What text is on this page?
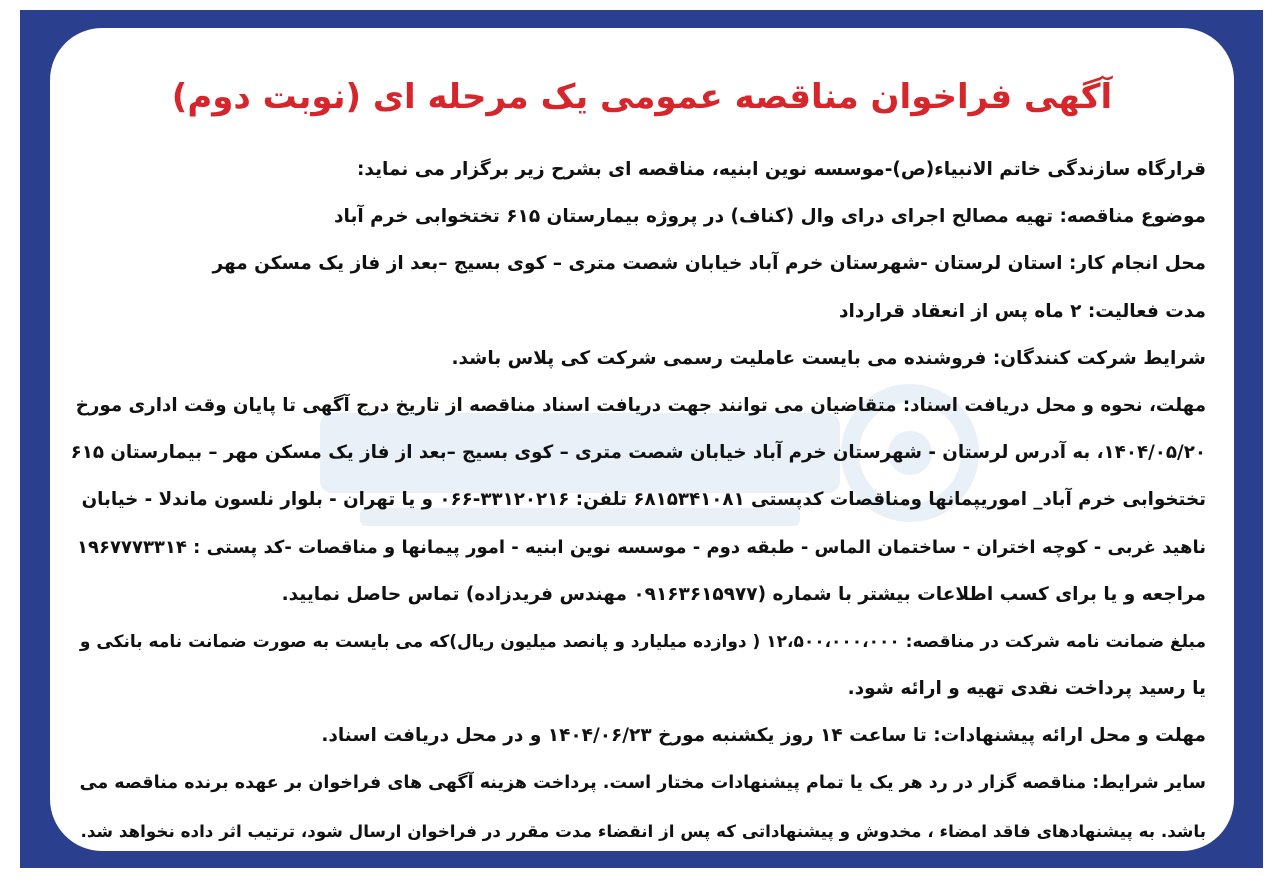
آگهی فراخوان مناقصه عمومی یک مرحله ای (نوبت دوم)
قرارگاه سازندگی خاتم الانبیاء(ص)-موسسه نوین ابنیه، مناقصه ای بشرح زیر برگزار می نماید:
موضوع مناقصه: تهیه مصالح اجرای درای وال (کناف) در پروژه بیمارستان ۶۱۵ تختخوابی خرم آباد
محل انجام کار: استان لرستان -شهرستان خرم آباد خیابان شصت متری – کوی بسیج –بعد از فاز یک مسکن مهر
مدت فعالیت: ۲ ماه پس از انعقاد قرارداد
شرایط شرکت کنندگان: فروشنده می بایست عاملیت رسمی شرکت کی پلاس باشد.
مهلت، نحوه و محل دریافت اسناد: متقاضیان می توانند جهت دریافت اسناد مناقصه از تاریخ درج آگهی تا پایان وقت اداری مورخ
۱۴۰۴/۰۵/۲۰، به آدرس لرستان - شهرستان خرم آباد خیابان شصت متری – کوی بسیج –بعد از فاز یک مسکن مهر – بیمارستان ۶۱۵
تختخوابی خرم آباد_ اموریپمانها ومناقصات کدپستی ۶۸۱۵۳۴۱۰۸۱ تلفن: ۳۳۱۲۰۲۱۶-۰۶۶ و یا تهران - بلوار نلسون ماندلا - خیابان
ناهید غربی - کوچه اختران - ساختمان الماس - طبقه دوم - موسسه نوین ابنیه - امور پیمانها و مناقصات -کد پستی : ۱۹۶۷۷۷۳۳۱۴
مراجعه و یا برای کسب اطلاعات بیشتر با شماره (۰۹۱۶۳۶۱۵۹۷۷ مهندس فریدزاده) تماس حاصل نمایید.
مبلغ ضمانت نامه شرکت در مناقصه: ۱۲،۵۰۰،۰۰۰،۰۰۰ ( دوازده میلیارد و پانصد میلیون ریال)که می بایست به صورت ضمانت نامه بانکی و
یا رسید پرداخت نقدی تهیه و ارائه شود.
مهلت و محل ارائه پیشنهادات: تا ساعت ۱۴ روز یکشنبه مورخ ۱۴۰۴/۰۶/۲۳ و در محل دریافت اسناد.
سایر شرایط: مناقصه گزار در رد هر یک یا تمام پیشنهادات مختار است. پرداخت هزینه آگهی های فراخوان بر عهده برنده مناقصه می
باشد. به پیشنهادهای فاقد امضاء ، مخدوش و پیشنهاداتی که پس از انقضاء مدت مقرر در فراخوان ارسال شود، ترتیب اثر داده نخواهد شد.
